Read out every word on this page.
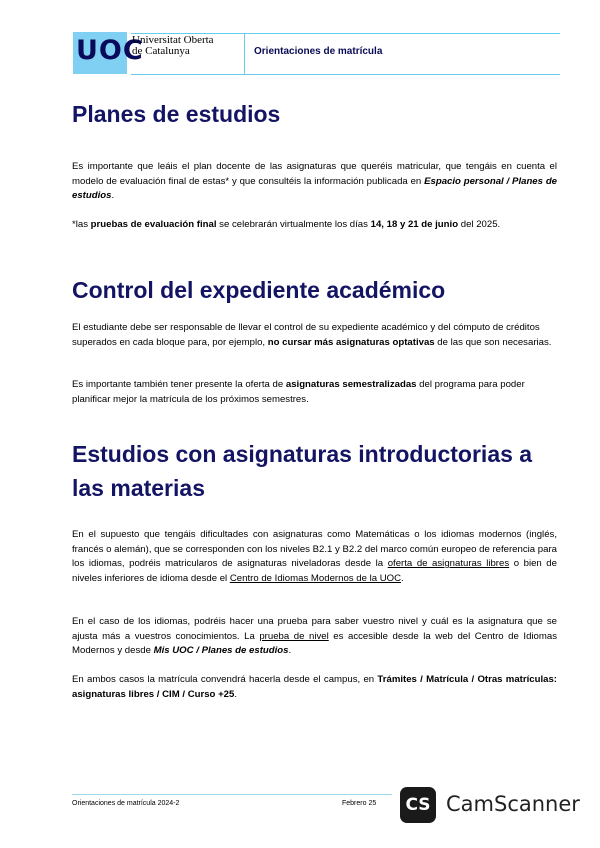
UOC
Universitat Oberta
de Catalunya	Orientaciones de matrícula
Planes de estudios

Es importante que leáis el plan docente de las asignaturas que queréis matricular, que tengáis en cuenta el modelo de evaluación final de estas* y que consultéis la información publicada en Espacio personal / Planes de estudios.

*las pruebas de evaluación final se celebrarán virtualmente los días 14, 18 y 21 de junio del 2025.

Control del expediente académico

El estudiante debe ser responsable de llevar el control de su expediente académico y del cómputo de créditos superados en cada bloque para, por ejemplo, no cursar más asignaturas optativas de las que son necesarias.

Es importante también tener presente la oferta de asignaturas semestralizadas del programa para poder planificar mejor la matrícula de los próximos semestres.

Estudios con asignaturas introductorias a las materias

En el supuesto que tengáis dificultades con asignaturas como Matemáticas o los idiomas modernos (inglés, francés o alemán), que se corresponden con los niveles B2.1 y B2.2 del marco común europeo de referencia para los idiomas, podréis matricularos de asignaturas niveladoras desde la oferta de asignaturas libres o bien de niveles inferiores de idioma desde el Centro de Idiomas Modernos de la UOC.

En el caso de los idiomas, podréis hacer una prueba para saber vuestro nivel y cuál es la asignatura que se ajusta más a vuestros conocimientos. La prueba de nivel es accesible desde la web del Centro de Idiomas Modernos y desde Mis UOC / Planes de estudios.

En ambos casos la matrícula convendrá hacerla desde el campus, en Trámites / Matrícula / Otras matrículas: asignaturas libres / CIM / Curso +25.

Orientaciones de matrícula 2024-2	Febrero 25	CS CamScanner
